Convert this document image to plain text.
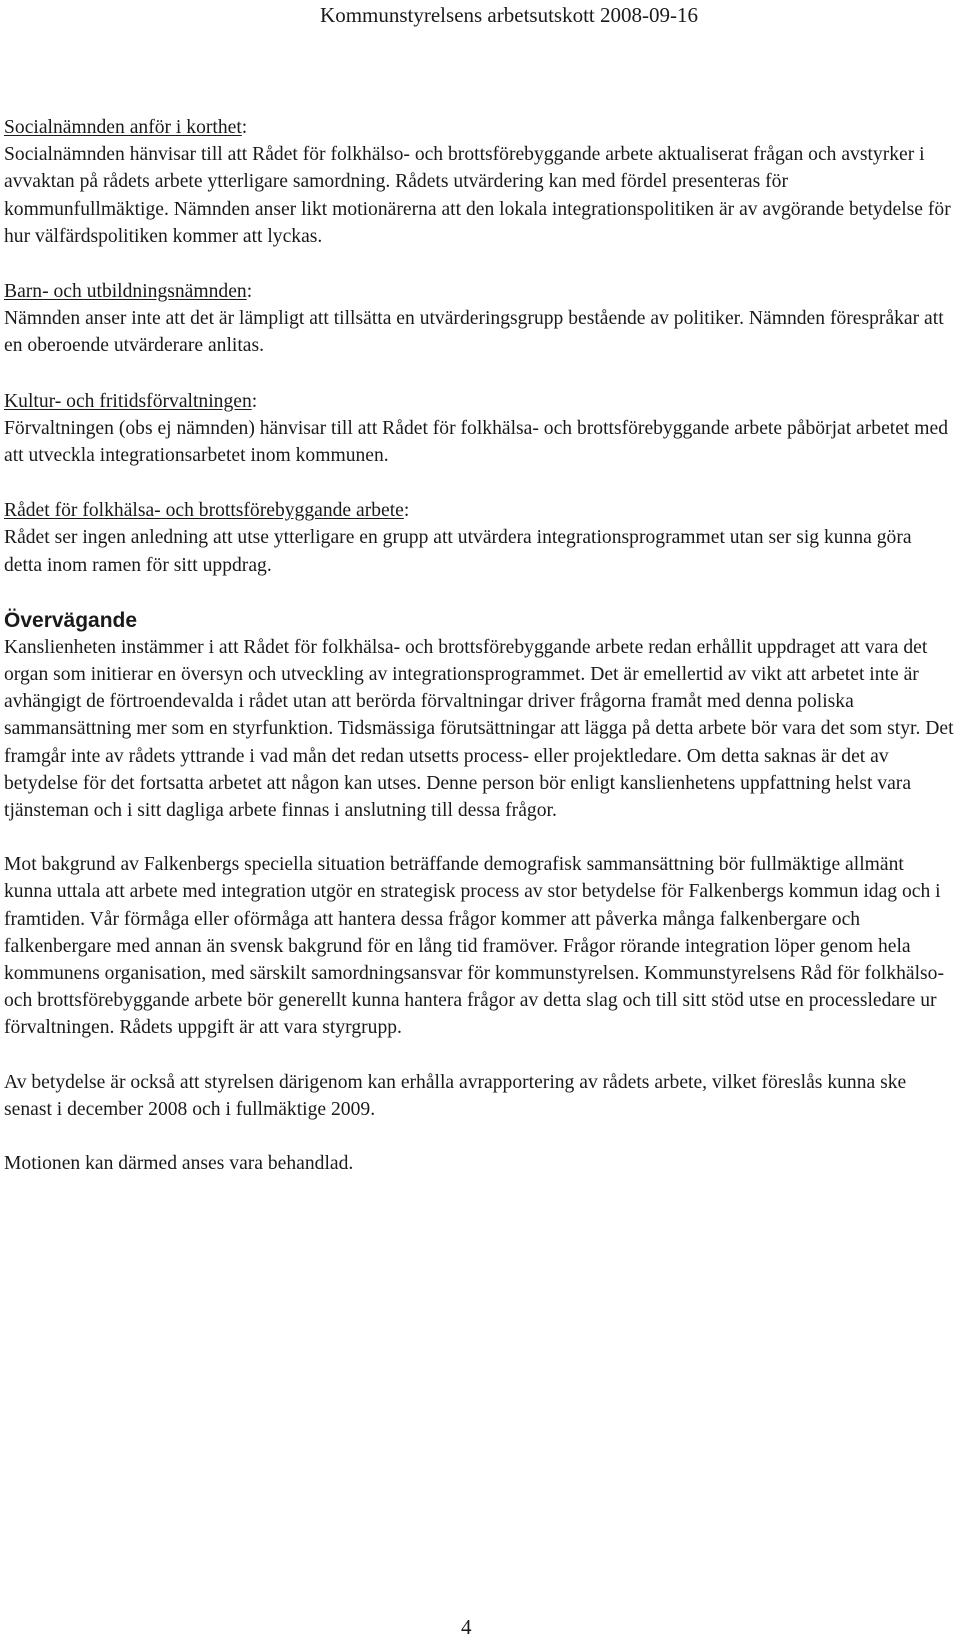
Kommunstyrelsens arbetsutskott 2008-09-16

Socialnämnden anför i korthet:

Socialnämnden hänvisar till att Rådet för folkhälso- och brottsförebyggande arbete aktualiserat frågan och avstyrker i avvaktan på rådets arbete ytterligare samordning. Rådets utvärdering kan med fördel presenteras för kommunfullmäktige. Nämnden anser likt motionärerna att den lokala integrationspolitiken är av avgörande betydelse för hur välfärdspolitiken kommer att lyckas.

Barn- och utbildningsnämnden:

Nämnden anser inte att det är lämpligt att tillsätta en utvärderingsgrupp bestående av politiker. Nämnden förespråkar att en oberoende utvärderare anlitas.

Kultur- och fritidsförvaltningen:

Förvaltningen (obs ej nämnden) hänvisar till att Rådet för folkhälsa- och brottsförebyggande arbete påbörjat arbetet med att utveckla integrationsarbetet inom kommunen.

Rådet för folkhälsa- och brottsförebyggande arbete:

Rådet ser ingen anledning att utse ytterligare en grupp att utvärdera integrationsprogrammet utan ser sig kunna göra detta inom ramen för sitt uppdrag.

Övervägande

Kanslienheten instämmer i att Rådet för folkhälsa- och brottsförebyggande arbete redan erhållit uppdraget att vara det organ som initierar en översyn och utveckling av integrationsprogrammet. Det är emellertid av vikt att arbetet inte är avhängigt de förtroendevalda i rådet utan att berörda förvaltningar driver frågorna framåt med denna poliska sammansättning mer som en styrfunktion. Tidsmässiga förutsättningar att lägga på detta arbete bör vara det som styr. Det framgår inte av rådets yttrande i vad mån det redan utsetts process- eller projektledare. Om detta saknas är det av betydelse för det fortsatta arbetet att någon kan utses. Denne person bör enligt kanslienhetens uppfattning helst vara tjänsteman och i sitt dagliga arbete finnas i anslutning till dessa frågor.

Mot bakgrund av Falkenbergs speciella situation beträffande demografisk sammansättning bör fullmäktige allmänt kunna uttala att arbete med integration utgör en strategisk process av stor betydelse för Falkenbergs kommun idag och i framtiden. Vår förmåga eller oförmåga att hantera dessa frågor kommer att påverka många falkenbergare och falkenbergare med annan än svensk bakgrund för en lång tid framöver. Frågor rörande integration löper genom hela kommunens organisation, med särskilt samordningsansvar för kommunstyrelsen. Kommunstyrelsens Råd för folkhälso- och brottsförebyggande arbete bör generellt kunna hantera frågor av detta slag och till sitt stöd utse en processledare ur förvaltningen. Rådets uppgift är att vara styrgrupp.

Av betydelse är också att styrelsen därigenom kan erhålla avrapportering av rådets arbete, vilket föreslås kunna ske senast i december 2008 och i fullmäktige 2009.

Motionen kan därmed anses vara behandlad.

4
